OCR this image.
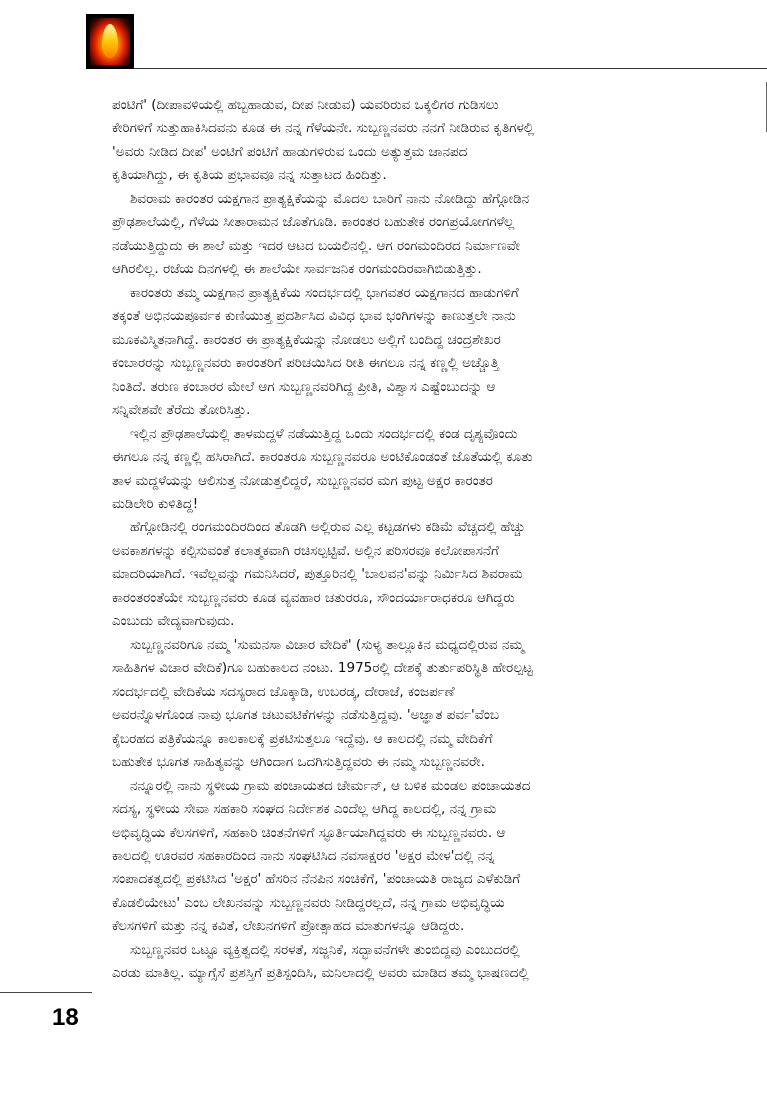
ಪಂಟಿಗೆ' (ದೀಪಾವಳಿಯಲ್ಲಿ ಹಬ್ಬಹಾಡುವ, ದೀಪ ನೀಡುವ) ಯವರಿರುವ ಒಕ್ಕಲಿಗರ ಗುಡಿಸಲು
ಕೇರಿಗಳಿಗೆ ಸುತ್ತುಹಾಕಿಸಿದವನು ಕೂಡ ಈ ನನ್ನ ಗೆಳೆಯನೇ. ಸುಬ್ಬಣ್ಣನವರು ನನಗೆ ನೀಡಿರುವ ಕೃತಿಗಳಲ್ಲಿ
'ಅವರು ನೀಡಿದ ದೀಪ' ಅಂಟಿಗೆ ಪಂಟಿಗೆ ಹಾಡುಗಳಿರುವ ಒಂದು ಅತ್ಯುತ್ತಮ ಜಾನಪದ
ಕೃತಿಯಾಗಿದ್ದು, ಈ ಕೃತಿಯ ಪ್ರಭಾವವೂ ನನ್ನ ಸುತ್ತಾಟದ ಹಿಂದಿತ್ತು.
ಶಿವರಾಮ ಕಾರಂತರ ಯಕ್ಷಗಾನ ಪ್ರಾತ್ಯಕ್ಷಿಕೆಯನ್ನು ಮೊದಲ ಬಾರಿಗೆ ನಾನು ನೋಡಿದ್ದು ಹೆಗ್ಗೋಡಿನ
ಪ್ರೌಢಶಾಲೆಯಲ್ಲಿ, ಗೆಳೆಯ ಸೀತಾರಾಮನ ಜೊತೆಗೂಡಿ. ಕಾರಂತರ ಬಹುತೇಕ ರಂಗಪ್ರಯೋಗಗಳೆಲ್ಲ
ನಡೆಯುತ್ತಿದ್ದುದು ಈ ಶಾಲೆ ಮತ್ತು ಇದರ ಆಟದ ಬಯಲಿನಲ್ಲಿ. ಆಗ ರಂಗಮಂದಿರದ ನಿರ್ಮಾಣವೇ
ಆಗಿರಲಿಲ್ಲ. ರಜೆಯ ದಿನಗಳಲ್ಲಿ ಈ ಶಾಲೆಯೇ ಸಾರ್ವಜನಿಕ ರಂಗಮಂದಿರವಾಗಿಬಿಡುತ್ತಿತ್ತು.
ಕಾರಂತರು ತಮ್ಮ ಯಕ್ಷಗಾನ ಪ್ರಾತ್ಯಕ್ಷಿಕೆಯ ಸಂದರ್ಭದಲ್ಲಿ ಭಾಗವತರ ಯಕ್ಷಗಾನದ ಹಾಡುಗಳಿಗೆ
ತಕ್ಕಂತೆ ಅಭಿನಯಪೂರ್ವಕ ಕುಣಿಯುತ್ತ ಪ್ರದರ್ಶಿಸಿದ ವಿವಿಧ ಭಾವ ಭಂಗಿಗಳನ್ನು ಕಾಣುತ್ತಲೇ ನಾನು
ಮೂಕವಿಸ್ಮಿತನಾಗಿದ್ದೆ. ಕಾರಂತರ ಈ ಪ್ರಾತ್ಯಕ್ಷಿಕೆಯನ್ನು ನೋಡಲು ಅಲ್ಲಿಗೆ ಬಂದಿದ್ದ ಚಂದ್ರಶೇಖರ
ಕಂಬಾರರನ್ನು ಸುಬ್ಬಣ್ಣನವರು ಕಾರಂತರಿಗೆ ಪರಿಚಯಿಸಿದ ರೀತಿ ಈಗಲೂ ನನ್ನ ಕಣ್ಣಲ್ಲಿ ಅಚ್ಚೊತ್ತಿ
ನಿಂತಿದೆ. ತರುಣ ಕಂಬಾರರ ಮೇಲೆ ಆಗ ಸುಬ್ಬಣ್ಣನವರಿಗಿದ್ದ ಪ್ರೀತಿ, ವಿಶ್ವಾಸ ಎಷ್ಟೆಂಬುದನ್ನು ಆ
ಸನ್ನಿವೇಶವೇ ತೆರೆದು ತೋರಿಸಿತ್ತು.
ಇಲ್ಲಿನ ಪ್ರೌಢಶಾಲೆಯಲ್ಲಿ ತಾಳಮದ್ದಳೆ ನಡೆಯುತ್ತಿದ್ದ ಒಂದು ಸಂದರ್ಭದಲ್ಲಿ ಕಂಡ ದೃಶ್ಯವೊಂದು
ಈಗಲೂ ನನ್ನ ಕಣ್ಣಲ್ಲಿ ಹಸಿರಾಗಿದೆ. ಕಾರಂತರೂ ಸುಬ್ಬಣ್ಣನವರೂ ಅಂಟಿಕೊಂಡಂತೆ ಜೊತೆಯಲ್ಲಿ ಕೂತು
ತಾಳ ಮದ್ದಳೆಯನ್ನು ಆಲಿಸುತ್ತ ನೋಡುತ್ತಲಿದ್ದರೆ, ಸುಬ್ಬಣ್ಣನವರ ಮಗ ಪುಟ್ಟ ಅಕ್ಷರ ಕಾರಂತರ
ಮಡಿಲೇರಿ ಕುಳಿತಿದ್ದ!
ಹೆಗ್ಗೋಡಿನಲ್ಲಿ ರಂಗಮಂದಿರದಿಂದ ತೊಡಗಿ ಅಲ್ಲಿರುವ ಎಲ್ಲ ಕಟ್ಟಡಗಳು ಕಡಿಮೆ ವೆಚ್ಚದಲ್ಲಿ ಹೆಚ್ಚು
ಅವಕಾಶಗಳನ್ನು ಕಲ್ಪಿಸುವಂತೆ ಕಲಾತ್ಮಕವಾಗಿ ರಚಿಸಲ್ಪಟ್ಟಿವೆ. ಅಲ್ಲಿನ ಪರಿಸರವೂ ಕಲೋಪಾಸನೆಗೆ
ಮಾದರಿಯಾಗಿದೆ. ಇವೆಲ್ಲವನ್ನು ಗಮನಿಸಿದರೆ, ಪುತ್ತೂರಿನಲ್ಲಿ 'ಬಾಲವನ'ವನ್ನು ನಿರ್ಮಿಸಿದ ಶಿವರಾಮ
ಕಾರಂತರಂತೆಯೇ ಸುಬ್ಬಣ್ಣನವರು ಕೂಡ ವ್ಯವಹಾರ ಚತುರರೂ, ಸೌಂದರ್ಯಾರಾಧಕರೂ ಆಗಿದ್ದರು
ಎಂಬುದು ವೇದ್ಯವಾಗುವುದು.
ಸುಬ್ಬಣ್ಣನವರಿಗೂ ನಮ್ಮ 'ಸುಮನಸಾ ವಿಚಾರ ವೇದಿಕೆ' (ಸುಳ್ಯ ತಾಲ್ಲೂಕಿನ ಮಧ್ಯದಲ್ಲಿರುವ ನಮ್ಮ
ಸಾಹಿತಿಗಳ ವಿಚಾರ ವೇದಿಕೆ)ಗೂ ಬಹುಕಾಲದ ನಂಟು. 1975ರಲ್ಲಿ ದೇಶಕ್ಕೆ ತುರ್ತುಪರಿಸ್ಥಿತಿ ಹೇರಲ್ಪಟ್ಟ
ಸಂದರ್ಭದಲ್ಲಿ ವೇದಿಕೆಯ ಸದಸ್ಯರಾದ ಚೊಕ್ಕಾಡಿ, ಉಬರಡ್ಕ, ದೇರಾಜೆ, ಕಂಜರ್ಪಣೆ
ಅವರನ್ನೊಳಗೊಂಡ ನಾವು ಭೂಗತ ಚಟುವಟಿಕೆಗಳನ್ನು ನಡೆಸುತ್ತಿದ್ದವು. 'ಅಜ್ಞಾತ ಪರ್ವ'ವೆಂಬ
ಕೈಬರಹದ ಪತ್ರಿಕೆಯನ್ನೂ ಕಾಲಕಾಲಕ್ಕೆ ಪ್ರಕಟಿಸುತ್ತಲೂ ಇದ್ದೆವು. ಆ ಕಾಲದಲ್ಲಿ ನಮ್ಮ ವೇದಿಕೆಗೆ
ಬಹುತೇಕ ಭೂಗತ ಸಾಹಿತ್ಯವನ್ನು ಆಗಿಂದಾಗ ಒದಗಿಸುತ್ತಿದ್ದವರು ಈ ನಮ್ಮ ಸುಬ್ಬಣ್ಣನವರೇ.
ನನ್ನೂರಲ್ಲಿ ನಾನು ಸ್ಥಳೀಯ ಗ್ರಾಮ ಪಂಚಾಯತದ ಚೇರ್ಮನ್, ಆ ಬಳಿಕ ಮಂಡಲ ಪಂಚಾಯತದ
ಸದಸ್ಯ, ಸ್ಥಳೀಯ ಸೇವಾ ಸಹಕಾರಿ ಸಂಘದ ನಿರ್ದೇಶಕ ಎಂದೆಲ್ಲ ಆಗಿದ್ದ ಕಾಲದಲ್ಲಿ, ನನ್ನ ಗ್ರಾಮ
ಅಭಿವೃದ್ಧಿಯ ಕೆಲಸಗಳಿಗೆ, ಸಹಕಾರಿ ಚಿಂತನೆಗಳಿಗೆ ಸ್ಫೂರ್ತಿಯಾಗಿದ್ದವರು ಈ ಸುಬ್ಬಣ್ಣನವರು. ಆ
ಕಾಲದಲ್ಲಿ ಊರವರ ಸಹಕಾರದಿಂದ ನಾನು ಸಂಘಟಿಸಿದ ನವಸಾಕ್ಷರರ 'ಅಕ್ಷರ ಮೇಳ'ದಲ್ಲಿ ನನ್ನ
ಸಂಪಾದಕತ್ವದಲ್ಲಿ ಪ್ರಕಟಿಸಿದ 'ಅಕ್ಷರ' ಹೆಸರಿನ ನೆನಪಿನ ಸಂಚಿಕೆಗೆ, 'ಪಂಚಾಯತಿ ರಾಜ್ಯದ ಎಳೆಕುಡಿಗೆ
ಕೊಡಲಿಯೇಟು' ಎಂಬ ಲೇಖನವನ್ನು ಸುಬ್ಬಣ್ಣನವರು ನೀಡಿದ್ದರಲ್ಲದೆ, ನನ್ನ ಗ್ರಾಮ ಅಭಿವೃದ್ಧಿಯ
ಕೆಲಸಗಳಿಗೆ ಮತ್ತು ನನ್ನ ಕವಿತೆ, ಲೇಖನಗಳಿಗೆ ಪ್ರೋತ್ಸಾಹದ ಮಾತುಗಳನ್ನೂ ಆಡಿದ್ದರು.
ಸುಬ್ಬಣ್ಣನವರ ಒಟ್ಟೂ ವ್ಯಕ್ತಿತ್ವದಲ್ಲಿ ಸರಳತೆ, ಸಜ್ಜನಿಕೆ, ಸದ್ಭಾವನೆಗಳೇ ತುಂಬಿದ್ದವು ಎಂಬುದರಲ್ಲಿ
ಎರಡು ಮಾತಿಲ್ಲ. ಮ್ಯಾಗ್ಸೆಸೆ ಪ್ರಶಸ್ತಿಗೆ ಪ್ರತಿಸ್ಪಂದಿಸಿ, ಮನಿಲಾದಲ್ಲಿ ಅವರು ಮಾಡಿದ ತಮ್ಮ ಭಾಷಣದಲ್ಲಿ
18
